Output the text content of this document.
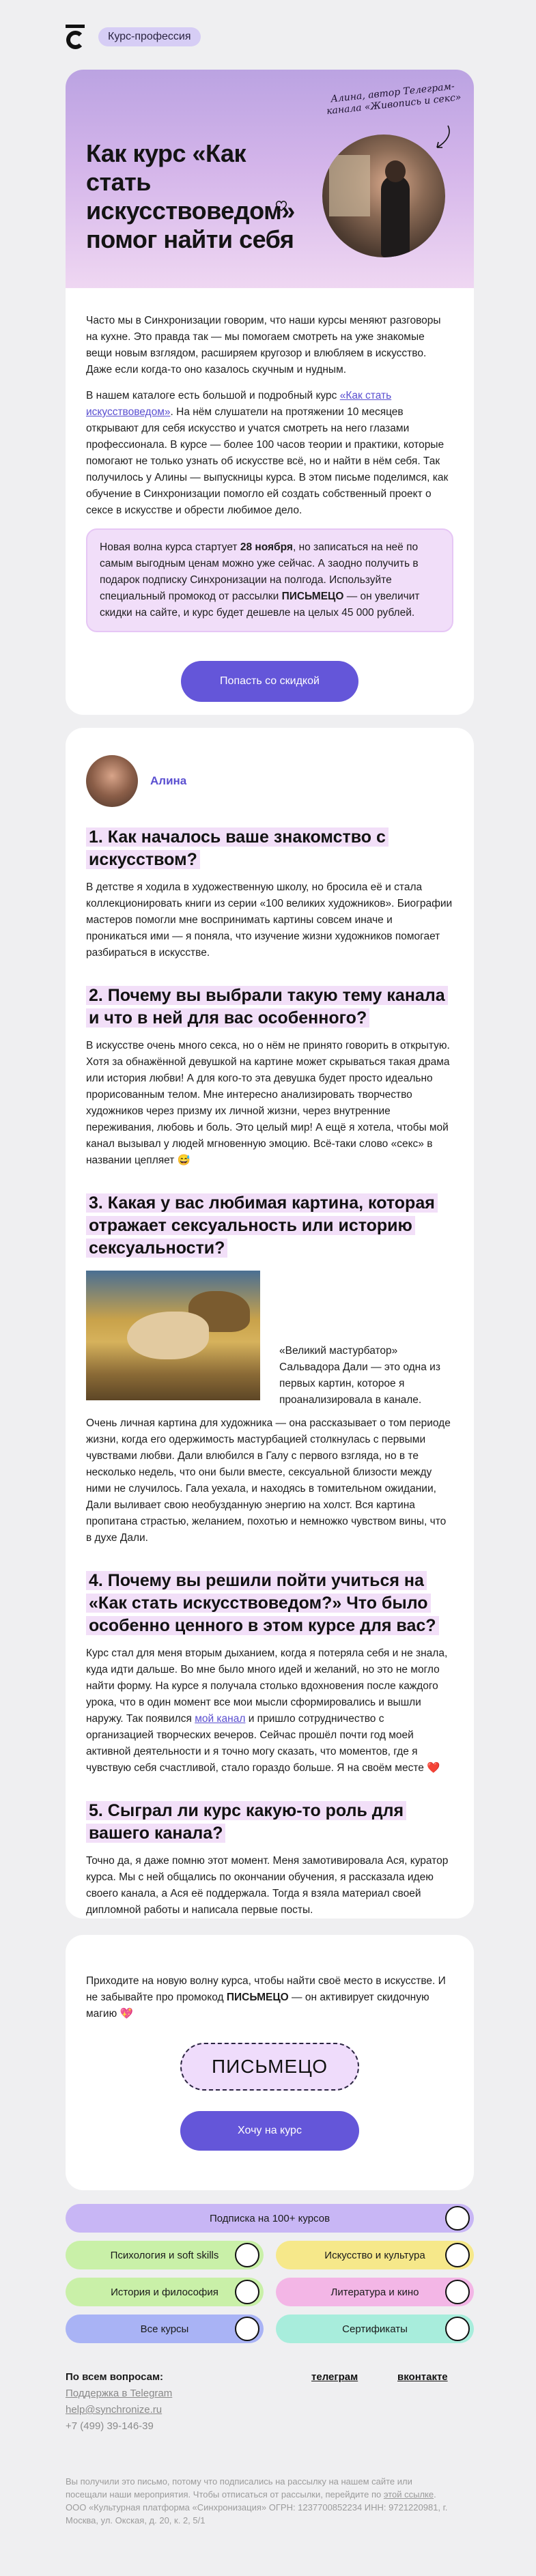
Курс-профессия
Как курс «Как стать искусствоведом» помог найти себя
Алина, автор Телеграм-канала «Живопись и секс»

Часто мы в Синхронизации говорим, что наши курсы меняют разговоры на кухне. Это правда так — мы помогаем смотреть на уже знакомые вещи новым взглядом, расширяем кругозор и влюбляем в искусство. Даже если когда-то оно казалось скучным и нудным.

В нашем каталоге есть большой и подробный курс «Как стать искусствоведом». На нём слушатели на протяжении 10 месяцев открывают для себя искусство и учатся смотреть на него глазами профессионала. В курсе — более 100 часов теории и практики, которые помогают не только узнать об искусстве всё, но и найти в нём себя. Так получилось у Алины — выпускницы курса. В этом письме поделимся, как обучение в Синхронизации помогло ей создать собственный проект о сексе в искусстве и обрести любимое дело.

Новая волна курса стартует 28 ноября, но записаться на неё по самым выгодным ценам можно уже сейчас. А заодно получить в подарок подписку Синхронизации на полгода. Используйте специальный промокод от рассылки ПИСЬМЕЦО — он увеличит скидки на сайте, и курс будет дешевле на целых 45 000 рублей.
Попасть со скидкой
Алина
1. Как началось ваше знакомство с искусством?

В детстве я ходила в художественную школу, но бросила её и стала коллекционировать книги из серии «100 великих художников». Биографии мастеров помогли мне воспринимать картины совсем иначе и проникаться ими — я поняла, что изучение жизни художников помогает разбираться в искусстве.

2. Почему вы выбрали такую тему канала и что в ней для вас особенного?

В искусстве очень много секса, но о нём не принято говорить в открытую. Хотя за обнажённой девушкой на картине может скрываться такая драма или история любви! А для кого-то эта девушка будет просто идеально прорисованным телом. Мне интересно анализировать творчество художников через призму их личной жизни, через внутренние переживания, любовь и боль. Это целый мир! А ещё я хотела, чтобы мой канал вызывал у людей мгновенную эмоцию. Всё-таки слово «секс» в названии цепляет 😅

3. Какая у вас любимая картина, которая отражает сексуальность или историю сексуальности?

«Великий мастурбатор» Сальвадора Дали — это одна из первых картин, которое я проанализировала в канале.

Очень личная картина для художника — она рассказывает о том периоде жизни, когда его одержимость мастурбацией столкнулась с первыми чувствами любви. Дали влюбился в Галу с первого взгляда, но в те несколько недель, что они были вместе, сексуальной близости между ними не случилось. Гала уехала, и находясь в томительном ожидании, Дали выливает свою необузданную энергию на холст. Вся картина пропитана страстью, желанием, похотью и немножко чувством вины, что в духе Дали.

4. Почему вы решили пойти учиться на «Как стать искусствоведом?» Что было особенно ценного в этом курсе для вас?

Курс стал для меня вторым дыханием, когда я потеряла себя и не знала, куда идти дальше. Во мне было много идей и желаний, но это не могло найти форму. На курсе я получала столько вдохновения после каждого урока, что в один момент все мои мысли сформировались и вышли наружу. Так появился мой канал и пришло сотрудничество с организацией творческих вечеров. Сейчас прошёл почти год моей активной деятельности и я точно могу сказать, что моментов, где я чувствую себя счастливой, стало гораздо больше. Я на своём месте ❤️

5. Сыграл ли курс какую-то роль для вашего канала?

Точно да, я даже помню этот момент. Меня замотивировала Ася, куратор курса. Мы с ней общались по окончании обучения, я рассказала идею своего канала, а Ася её поддержала. Тогда я взяла материал своей дипломной работы и написала первые посты.

Приходите на новую волну курса, чтобы найти своё место в искусстве. И не забывайте про промокод ПИСЬМЕЦО — он активирует скидочную магию 💖

ПИСЬМЕЦО
Хочу на курс
Подписка на 100+ курсов
Психология и soft skills	Искусство и культура
История и философия	Литература и кино
Все курсы	Сертификаты
По всем вопросам:
Поддержка в Telegram
help@synchronize.ru
+7 (499) 39-146-39
телеграм	вконтакте

Вы получили это письмо, потому что подписались на рассылку на нашем сайте или посещали наши мероприятия. Чтобы отписаться от рассылки, перейдите по этой ссылке.

ООО «Культурная платформа «Синхронизация» ОГРН: 1237700852234 ИНН: 9721220981, г. Москва, ул. Окская, д. 20, к. 2, 5/1
